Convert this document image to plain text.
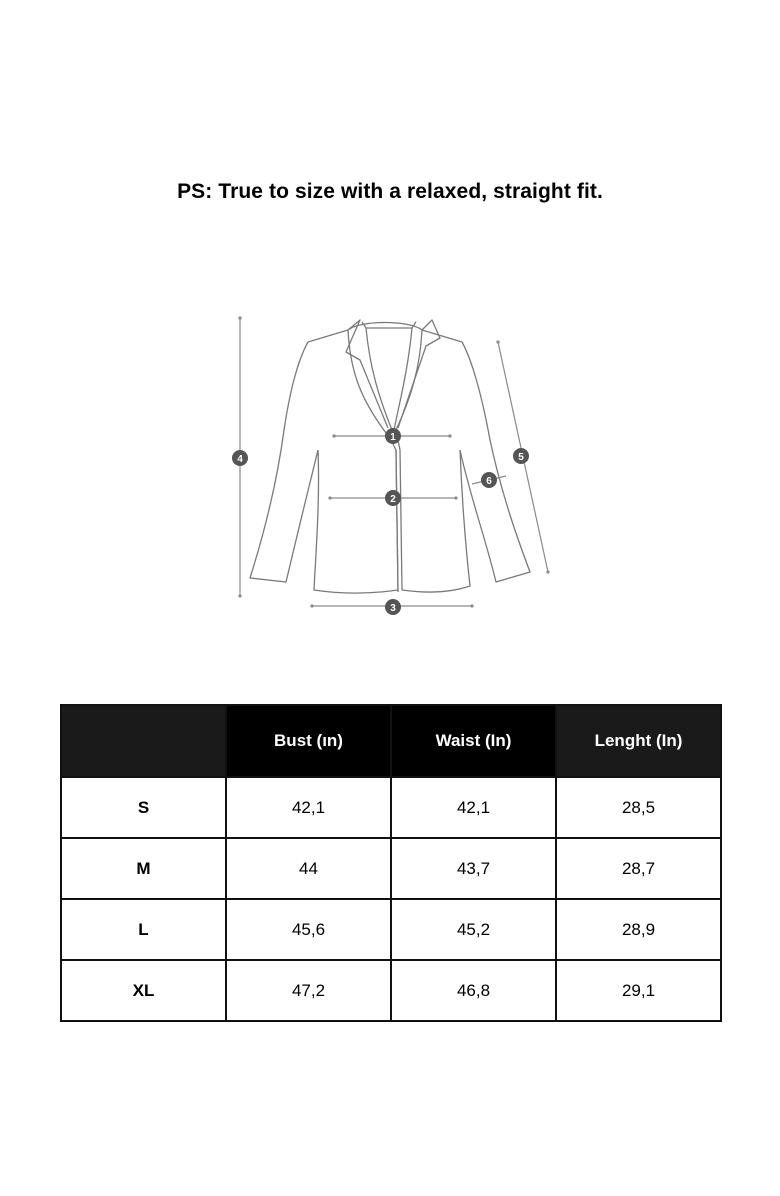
PS: True to size with a relaxed, straight fit.
1
2
3
4	5
6
	Bust (ın)	Waist (In)	Lenght (In)
S	42,1	42,1	28,5
M	44	43,7	28,7
L	45,6	45,2	28,9
XL	47,2	46,8	29,1
